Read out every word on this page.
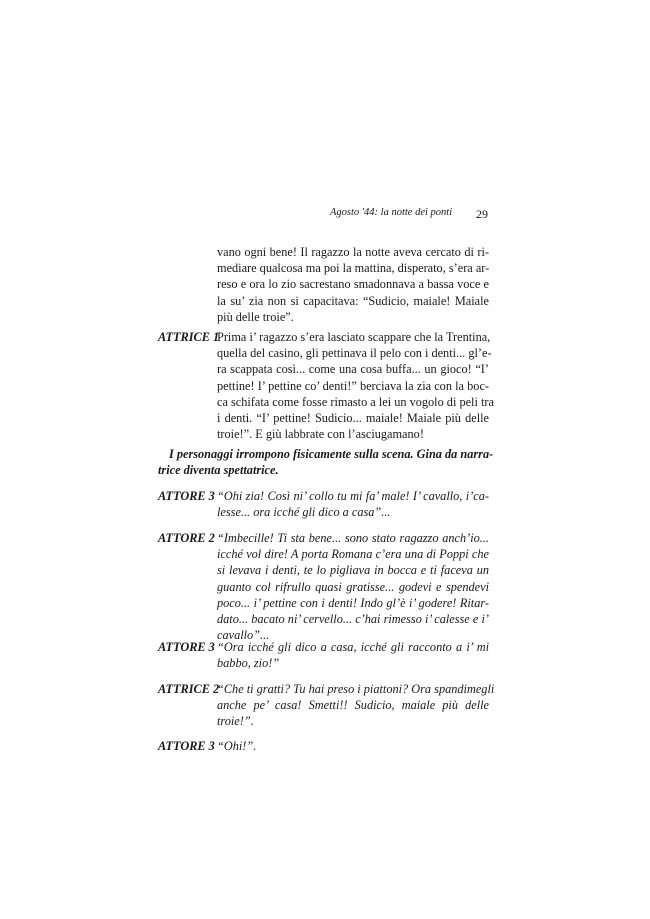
Agosto '44: la notte dei ponti 29
vano ogni bene! Il ragazzo la notte aveva cercato di ri-
mediare qualcosa ma poi la mattina, disperato, s’era ar-
reso e ora lo zio sacrestano smadonnava a bassa voce e
la su’ zia non si capacitava: “Sudicio, maiale! Maiale
più delle troie”.
ATTRICE 1
Prima i’ ragazzo s’era lasciato scappare che la Trentina,
quella del casino, gli pettinava il pelo con i denti... gl’e-
ra scappata così... come una cosa buffa... un gioco! “I’
pettine! I’ pettine co’ denti!” berciava la zia con la boc-
ca schifata come fosse rimasto a lei un vogolo di peli tra
i denti. “I’ pettine! Sudicio... maiale! Maiale più delle
troie!”. E giù labbrate con l’asciugamano!
I personaggi irrompono fisicamente sulla scena. Gina da narra-
trice diventa spettatrice.
ATTORE 3 “Ohi zia! Così ni’ collo tu mi fa’ male! I’ cavallo, i’ca-
lesse... ora icché gli dico a casa”...
ATTORE 2 “Imbecille! Ti sta bene... sono stato ragazzo anch’io...
icché vol dire! A porta Romana c’era una di Poppi che
si levava i denti, te lo pigliava in bocca e ti faceva un
guanto col rifrullo quasi gratisse... godevi e spendevi
poco... i’ pettine con i denti! Indo gl’è i’ godere! Ritar-
dato... bacato ni’ cervello... c’hai rimesso i’ calesse e i’
cavallo”...
ATTORE 3 “Ora icché gli dico a casa, icché gli racconto a i’ mi
babbo, zio!”
ATTRICE 2
“Che ti gratti? Tu hai preso i piattoni? Ora spandimegli
anche pe’ casa! Smetti!! Sudicio, maiale più delle
troie!”.
ATTORE 3 “Ohi!”.
